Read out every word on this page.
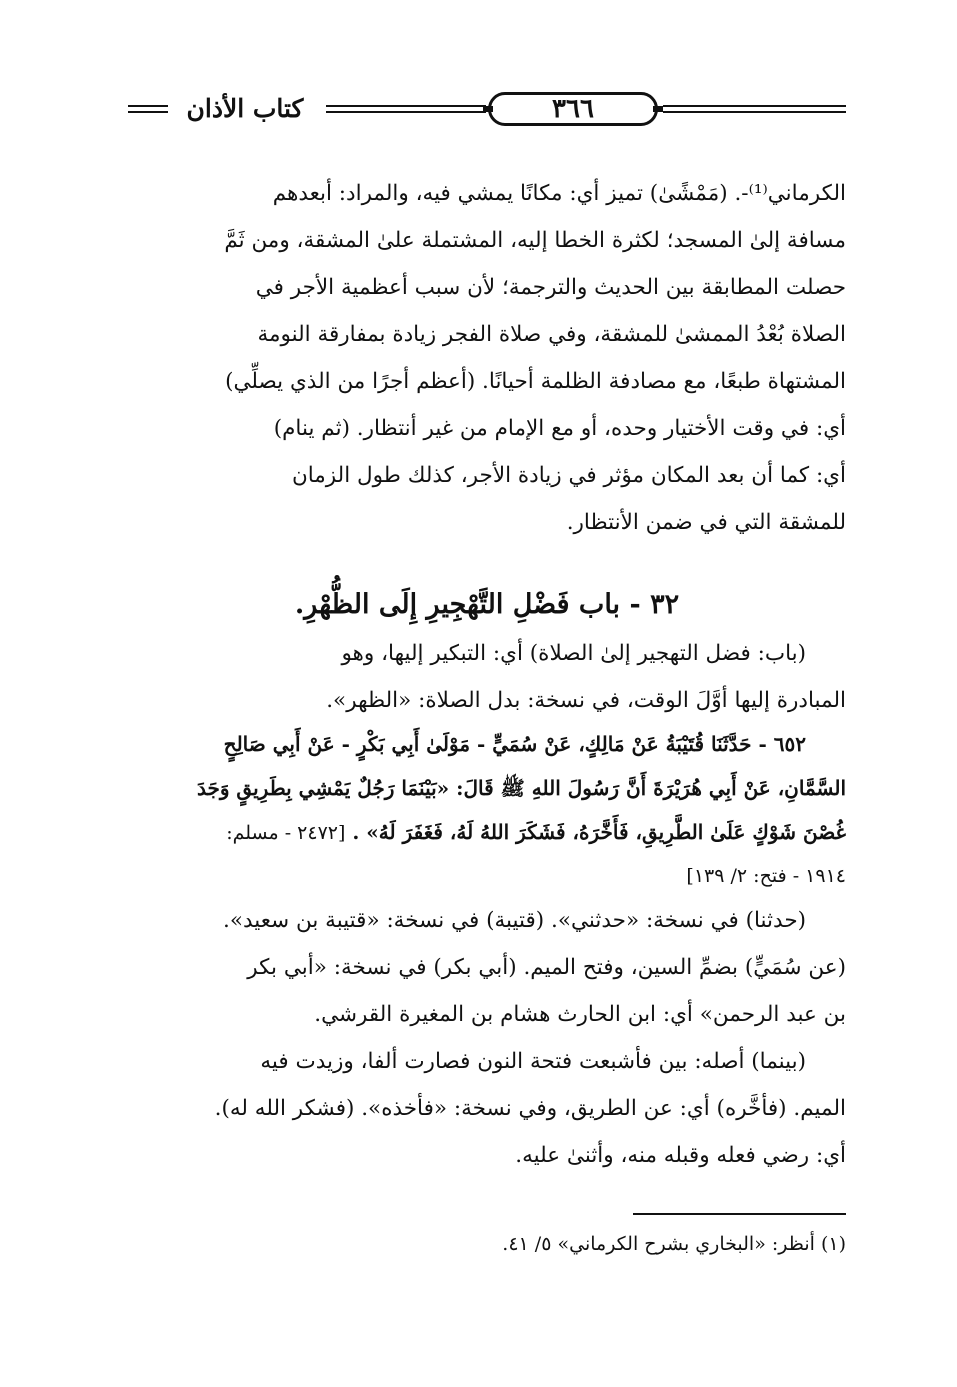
كتاب الأذان	٣٦٦
الكرماني⁽¹⁾-. (مَمْشًىٰ) تميز أي: مكانًا يمشي فيه، والمراد: أبعدهم
مسافة إلىٰ المسجد؛ لكثرة الخطا إليه، المشتملة علىٰ المشقة، ومن ثَمَّ
حصلت المطابقة بين الحديث والترجمة؛ لأن سبب أعظمية الأجر في
الصلاة بُعْدُ الممشىٰ للمشقة، وفي صلاة الفجر زيادة بمفارقة النومة
المشتهاة طبعًا، مع مصادفة الظلمة أحيانًا. (أعظم أجرًا من الذي يصلِّي)
أي: في وقت الأختيار وحده، أو مع الإمام من غير أنتظار. (ثم ينام)
أي: كما أن بعد المكان مؤثر في زيادة الأجر، كذلك طول الزمان
للمشقة التي في ضمن الأنتظار.
٣٢ - باب فَضْلِ التَّهْجِيرِ إِلَى الظُّهْرِ.
(باب: فضل التهجير إلىٰ الصلاة) أي: التبكير إليها، وهو
المبادرة إليها أوَّلَ الوقت، في نسخة: بدل الصلاة: «الظهر».
٦٥٢ - حَدَّثَنَا قُتَيْبَةُ عَنْ مَالِكٍ، عَنْ سُمَيٍّ - مَوْلَىٰ أَبِي بَكْرٍ - عَنْ أَبِي صَالِحٍ
السَّمَّانِ، عَنْ أَبِي هُرَيْرَةَ أَنَّ رَسُولَ اللهِ ﷺ قَالَ: «بَيْنَمَا رَجُلٌ يَمْشِي بِطَرِيقٍ وَجَدَ
غُصْنَ شَوْكٍ عَلَىٰ الطَّرِيقِ، فَأَخَّرَهُ، فَشَكَرَ اللهُ لَهُ، فَغَفَرَ لَهُ» . [٢٤٧٢ - مسلم:
١٩١٤ - فتح: ٢/ ١٣٩]
(حدثنا) في نسخة: «حدثني». (قتيبة) في نسخة: «قتيبة بن سعيد».
(عن سُمَيٍّ) بضمِّ السين، وفتح الميم. (أبي بكر) في نسخة: «أبي بكر
بن عبد الرحمن» أي: ابن الحارث هشام بن المغيرة القرشي.
(بينما) أصله: بين فأشبعت فتحة النون فصارت ألفا، وزيدت فيه
الميم. (فأخَّره) أي: عن الطريق، وفي نسخة: «فأخذه». (فشكر الله له).
أي: رضي فعله وقبله منه، وأثنىٰ عليه.
(١) أنظر: «البخاري بشرح الكرماني» ٥/ ٤١.
